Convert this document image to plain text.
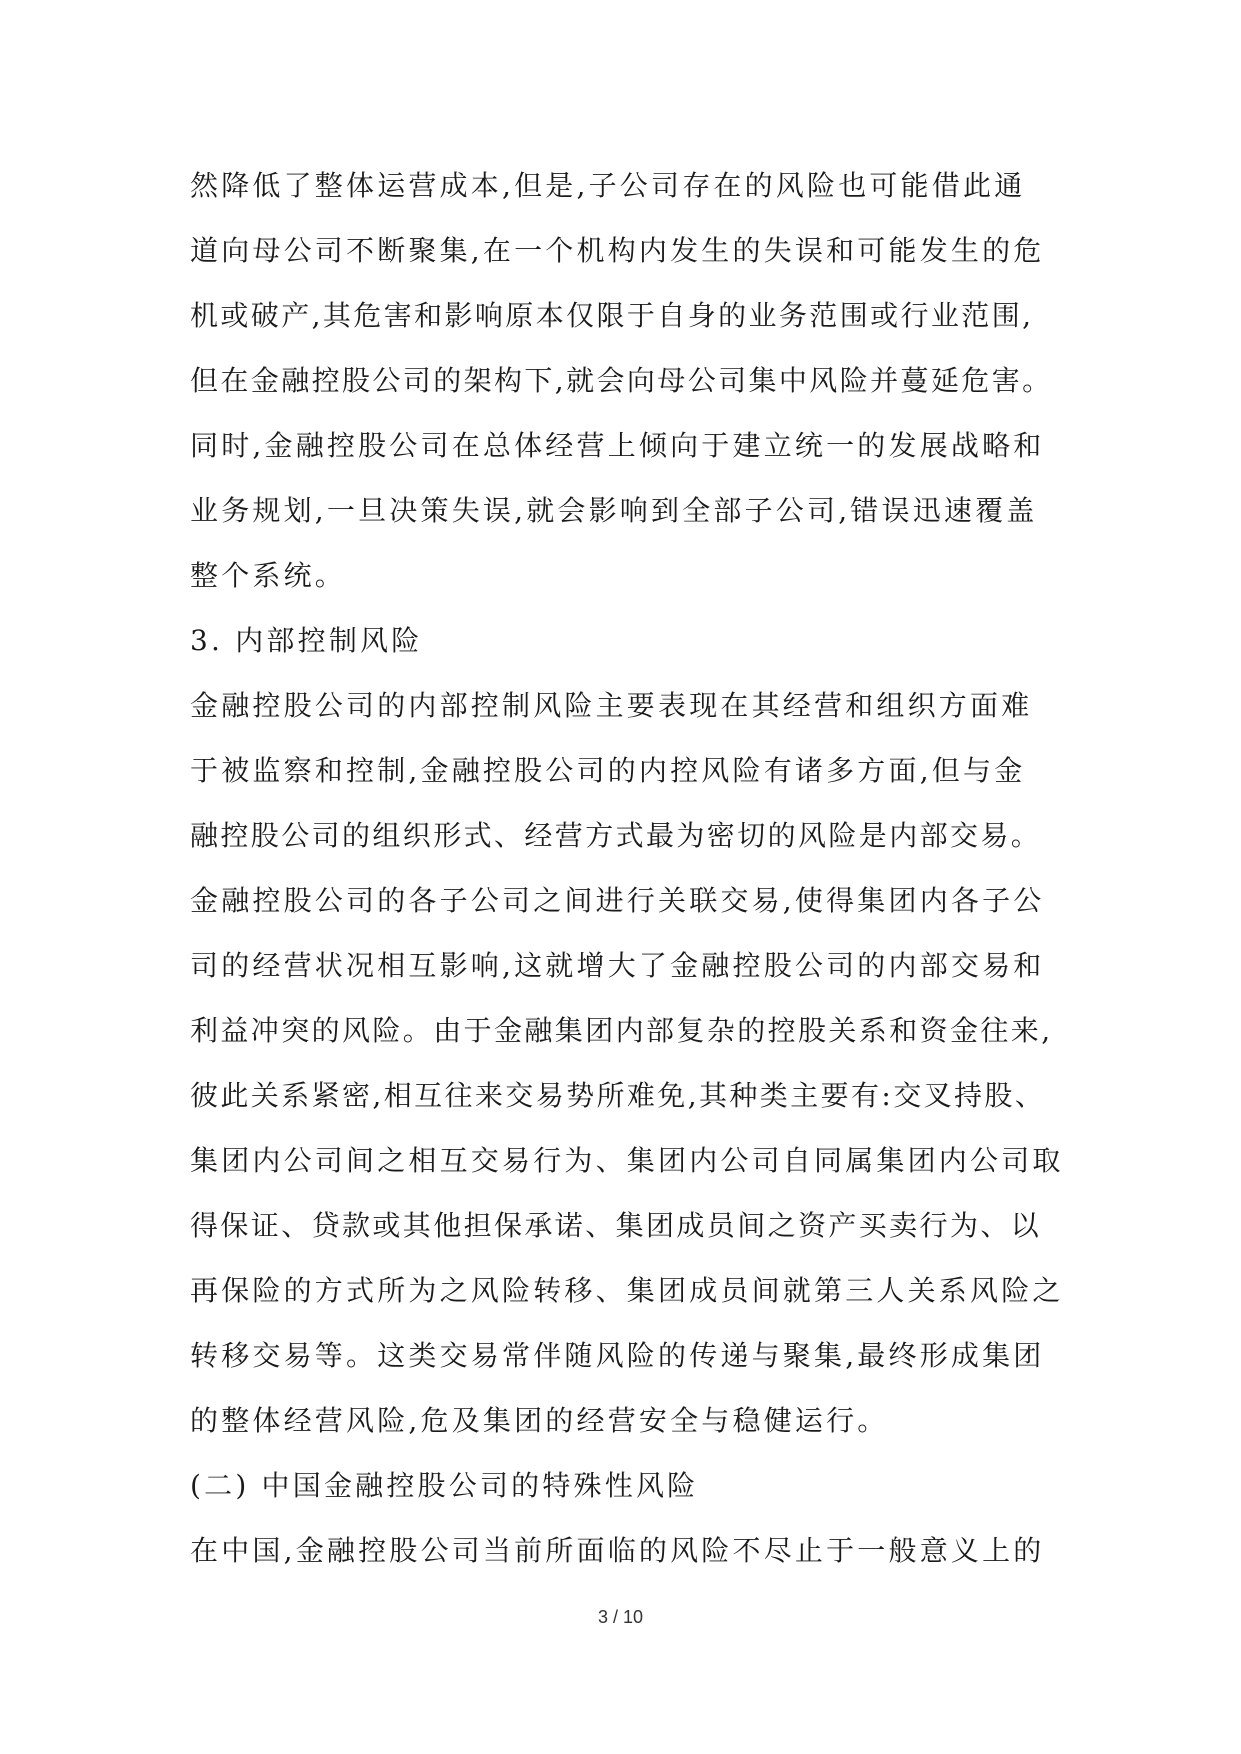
然降低了整体运营成本,但是,子公司存在的风险也可能借此通
道向母公司不断聚集,在一个机构内发生的失误和可能发生的危
机或破产,其危害和影响原本仅限于自身的业务范围或行业范围,
但在金融控股公司的架构下,就会向母公司集中风险并蔓延危害。
同时,金融控股公司在总体经营上倾向于建立统一的发展战略和
业务规划,一旦决策失误,就会影响到全部子公司,错误迅速覆盖
整个系统。
3. 内部控制风险
金融控股公司的内部控制风险主要表现在其经营和组织方面难
于被监察和控制,金融控股公司的内控风险有诸多方面,但与金
融控股公司的组织形式、经营方式最为密切的风险是内部交易。
金融控股公司的各子公司之间进行关联交易,使得集团内各子公
司的经营状况相互影响,这就增大了金融控股公司的内部交易和
利益冲突的风险。由于金融集团内部复杂的控股关系和资金往来,
彼此关系紧密,相互往来交易势所难免,其种类主要有:交叉持股、
集团内公司间之相互交易行为、集团内公司自同属集团内公司取
得保证、贷款或其他担保承诺、集团成员间之资产买卖行为、以
再保险的方式所为之风险转移、集团成员间就第三人关系风险之
转移交易等。这类交易常伴随风险的传递与聚集,最终形成集团
的整体经营风险,危及集团的经营安全与稳健运行。
(二) 中国金融控股公司的特殊性风险
在中国,金融控股公司当前所面临的风险不尽止于一般意义上的
3 / 10
